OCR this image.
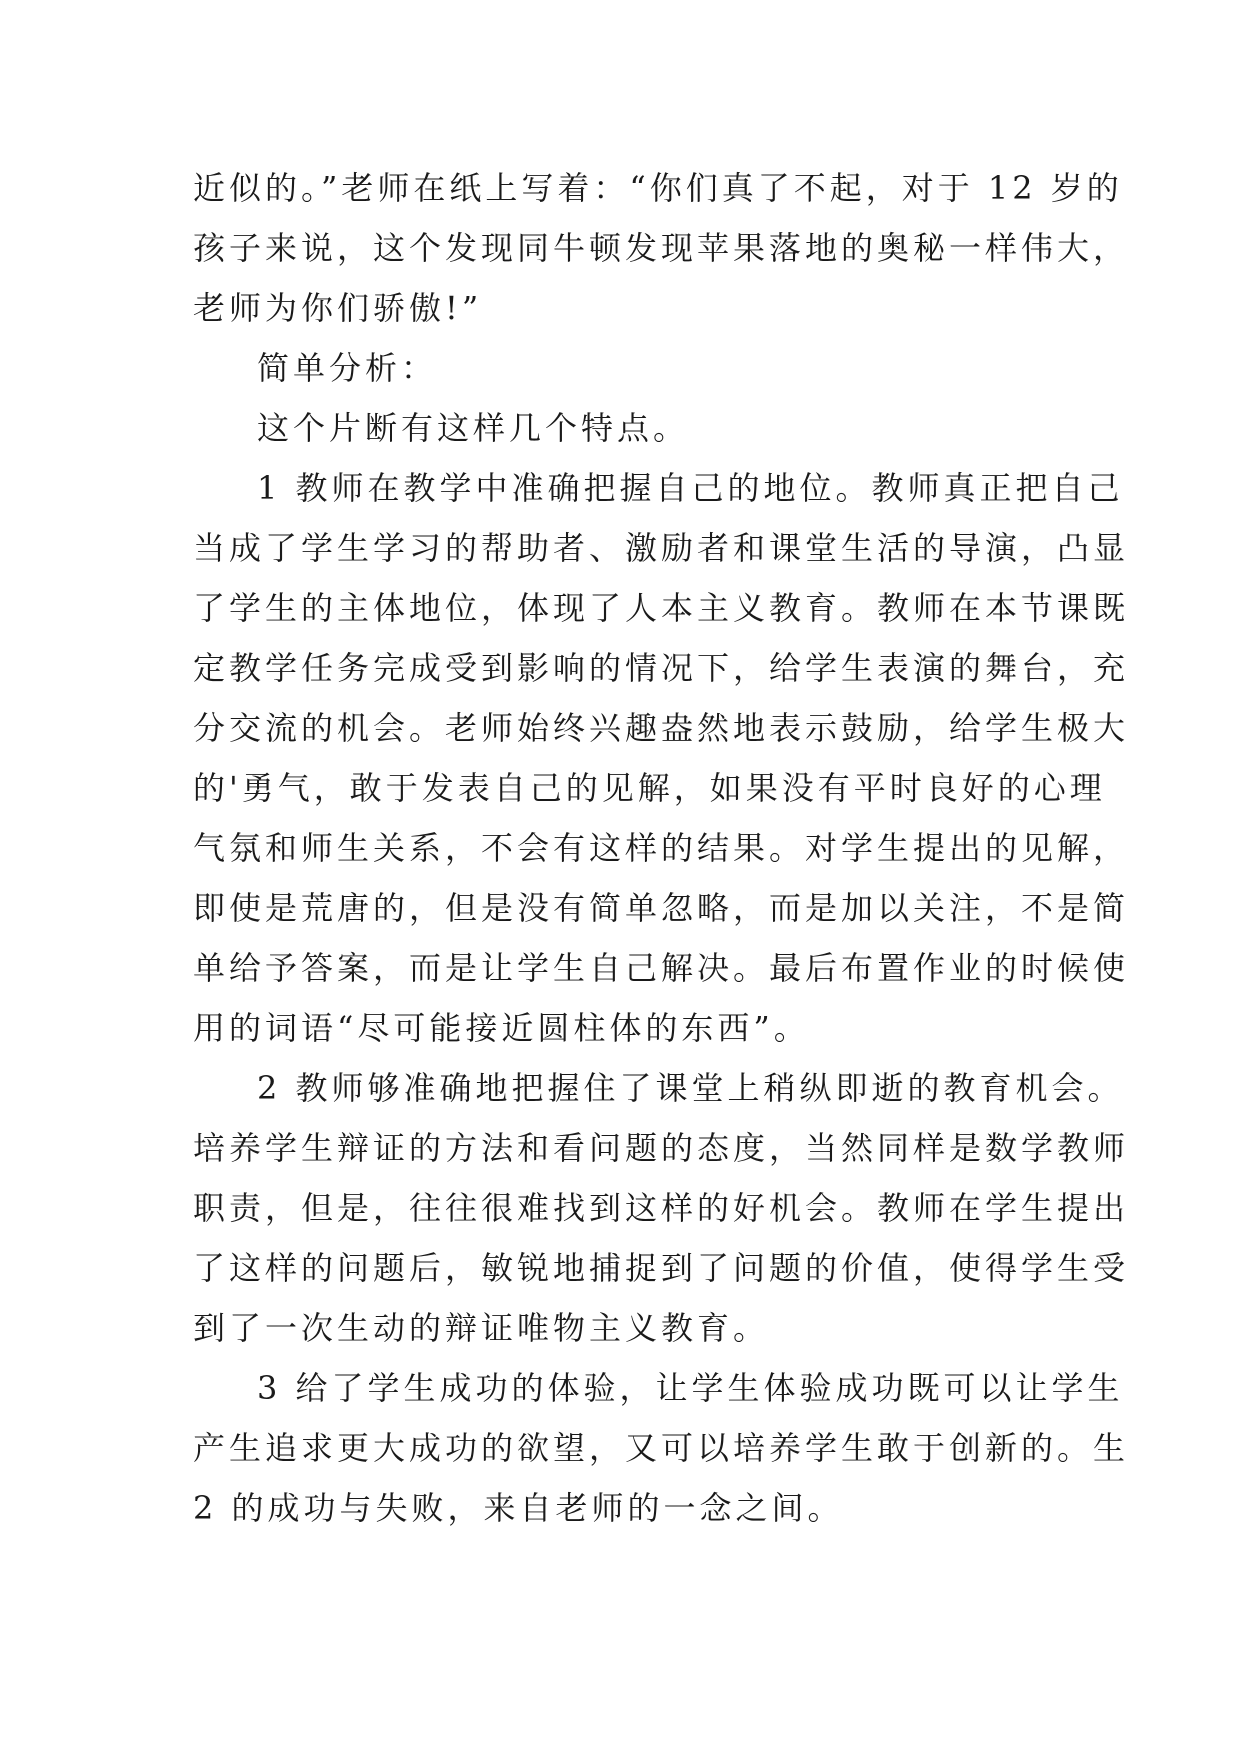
近似的。”老师在纸上写着：“你们真了不起，对于 12 岁的
孩子来说，这个发现同牛顿发现苹果落地的奥秘一样伟大，
老师为你们骄傲!”
简单分析：
这个片断有这样几个特点。
1 教师在教学中准确把握自己的地位。教师真正把自己
当成了学生学习的帮助者、激励者和课堂生活的导演，凸显
了学生的主体地位，体现了人本主义教育。教师在本节课既
定教学任务完成受到影响的情况下，给学生表演的舞台，充
分交流的机会。老师始终兴趣盎然地表示鼓励，给学生极大
的'勇气，敢于发表自己的见解，如果没有平时良好的心理
气氛和师生关系，不会有这样的结果。对学生提出的见解，
即使是荒唐的，但是没有简单忽略，而是加以关注，不是简
单给予答案，而是让学生自己解决。最后布置作业的时候使
用的词语“尽可能接近圆柱体的东西”。
2 教师够准确地把握住了课堂上稍纵即逝的教育机会。
培养学生辩证的方法和看问题的态度，当然同样是数学教师
职责，但是，往往很难找到这样的好机会。教师在学生提出
了这样的问题后，敏锐地捕捉到了问题的价值，使得学生受
到了一次生动的辩证唯物主义教育。
3 给了学生成功的体验，让学生体验成功既可以让学生
产生追求更大成功的欲望，又可以培养学生敢于创新的。生
2 的成功与失败，来自老师的一念之间。
